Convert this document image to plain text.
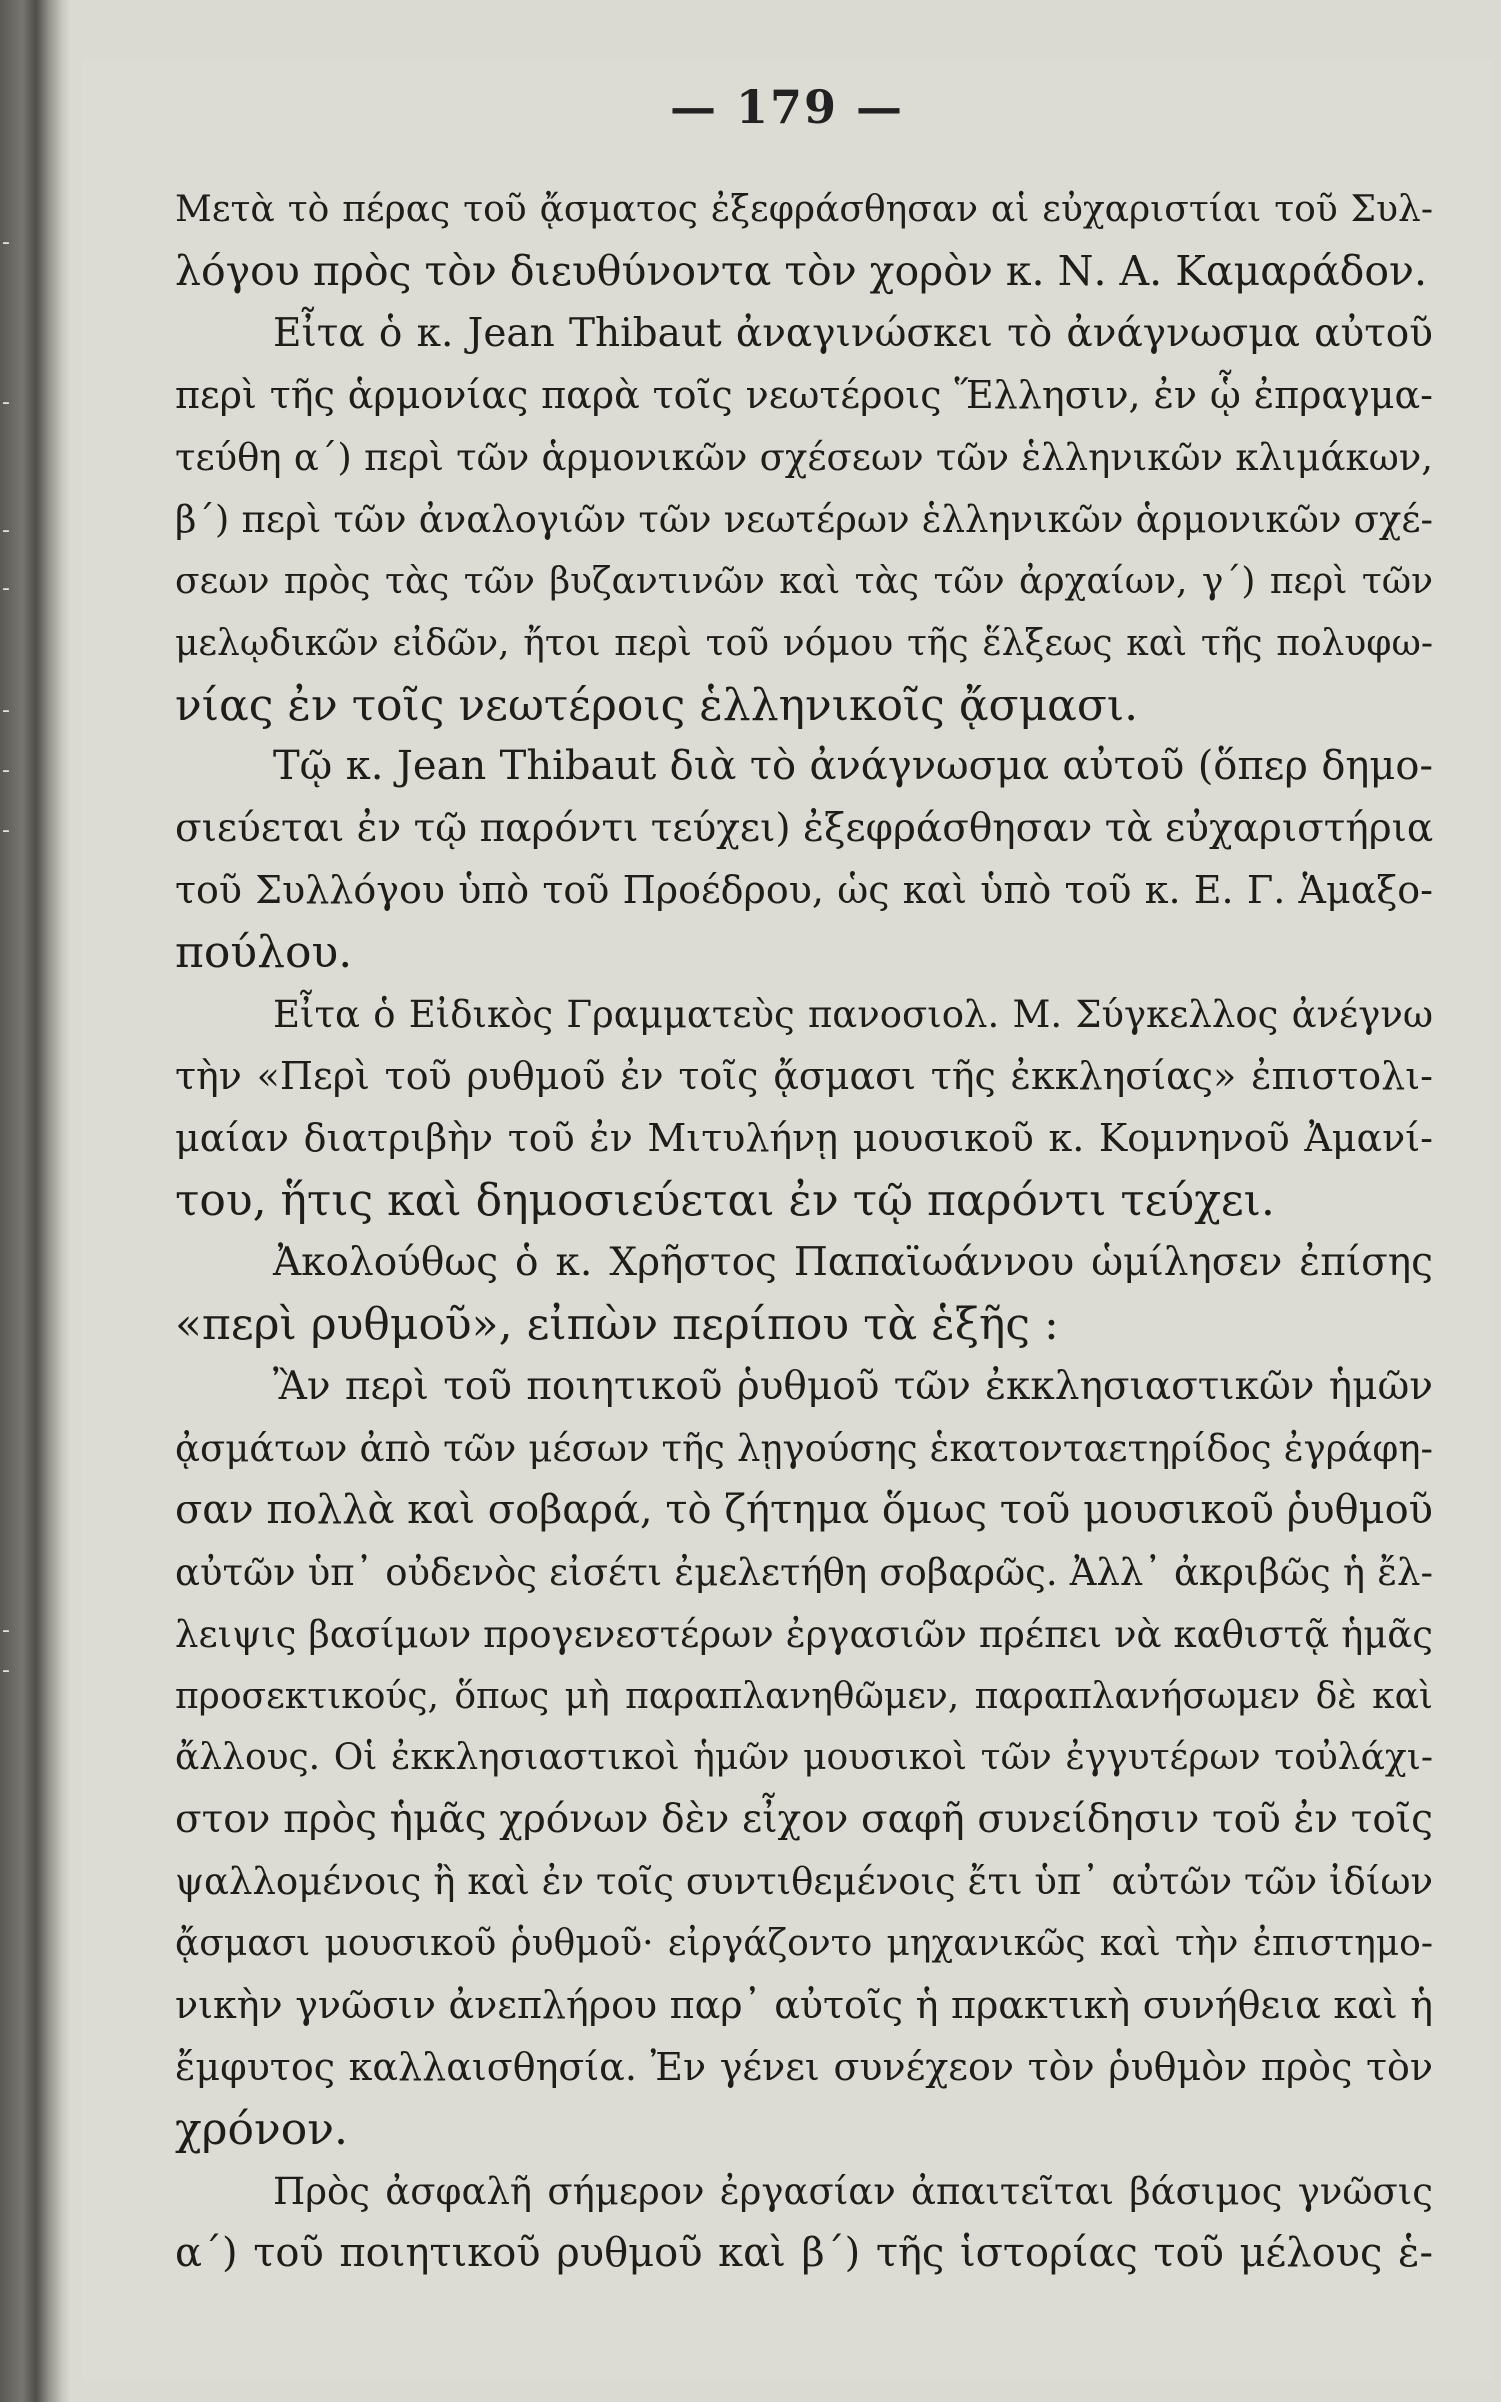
-
-
-
-
-
-
-
-
-
— 179 —
Μετὰ τὸ πέρας τοῦ ᾄσματος ἐξεφράσθησαν αἱ εὐχαριστίαι τοῦ Συλ-
λόγου πρὸς τὸν διευθύνοντα τὸν χορὸν κ. Ν. Α. Καμαράδον.
Εἶτα ὁ κ. Jean Thibaut ἀναγινώσκει τὸ ἀνάγνωσμα αὐτοῦ
περὶ τῆς ἁρμονίας παρὰ τοῖς νεωτέροις Ἕλλησιν, ἐν ᾧ ἐπραγμα-
τεύθη α΄) περὶ τῶν ἁρμονικῶν σχέσεων τῶν ἑλληνικῶν κλιμάκων,
β΄) περὶ τῶν ἀναλογιῶν τῶν νεωτέρων ἑλληνικῶν ἁρμονικῶν σχέ-
σεων πρὸς τὰς τῶν βυζαντινῶν καὶ τὰς τῶν ἀρχαίων, γ΄) περὶ τῶν
μελῳδικῶν εἰδῶν, ἤτοι περὶ τοῦ νόμου τῆς ἕλξεως καὶ τῆς πολυφω-
νίας ἐν τοῖς νεωτέροις ἑλληνικοῖς ᾄσμασι.
Τῷ κ. Jean Thibaut διὰ τὸ ἀνάγνωσμα αὐτοῦ (ὅπερ δημο-
σιεύεται ἐν τῷ παρόντι τεύχει) ἐξεφράσθησαν τὰ εὐχαριστήρια
τοῦ Συλλόγου ὑπὸ τοῦ Προέδρου, ὡς καὶ ὑπὸ τοῦ κ. Ε. Γ. Ἁμαξο-
πούλου.
Εἶτα ὁ Εἰδικὸς Γραμματεὺς πανοσιολ. Μ. Σύγκελλος ἀνέγνω
τὴν «Περὶ τοῦ ρυθμοῦ ἐν τοῖς ᾄσμασι τῆς ἐκκλησίας» ἐπιστολι-
μαίαν διατριβὴν τοῦ ἐν Μιτυλήνῃ μουσικοῦ κ. Κομνηνοῦ Ἀμανί-
του, ἥτις καὶ δημοσιεύεται ἐν τῷ παρόντι τεύχει.
Ἀκολούθως ὁ κ. Χρῆστος Παπαϊωάννου ὡμίλησεν ἐπίσης
«περὶ ρυθμοῦ», εἰπὼν περίπου τὰ ἑξῆς :
Ἂν περὶ τοῦ ποιητικοῦ ῥυθμοῦ τῶν ἐκκλησιαστικῶν ἡμῶν
ᾀσμάτων ἀπὸ τῶν μέσων τῆς λῃγούσης ἑκατονταετηρίδος ἐγράφη-
σαν πολλὰ καὶ σοβαρά, τὸ ζήτημα ὅμως τοῦ μουσικοῦ ῥυθμοῦ
αὐτῶν ὑπ᾽ οὐδενὸς εἰσέτι ἐμελετήθη σοβαρῶς. Ἀλλ᾽ ἀκριβῶς ἡ ἔλ-
λειψις βασίμων προγενεστέρων ἐργασιῶν πρέπει νὰ καθιστᾷ ἡμᾶς
προσεκτικούς, ὅπως μὴ παραπλανηθῶμεν, παραπλανήσωμεν δὲ καὶ
ἄλλους. Οἱ ἐκκλησιαστικοὶ ἡμῶν μουσικοὶ τῶν ἐγγυτέρων τοὐλάχι-
στον πρὸς ἡμᾶς χρόνων δὲν εἶχον σαφῆ συνείδησιν τοῦ ἐν τοῖς
ψαλλομένοις ἢ καὶ ἐν τοῖς συντιθεμένοις ἔτι ὑπ᾽ αὐτῶν τῶν ἰδίων
ᾄσμασι μουσικοῦ ῥυθμοῦ· εἰργάζοντο μηχανικῶς καὶ τὴν ἐπιστημο-
νικὴν γνῶσιν ἀνεπλήρου παρ᾽ αὐτοῖς ἡ πρακτικὴ συνήθεια καὶ ἡ
ἔμφυτος καλλαισθησία. Ἐν γένει συνέχεον τὸν ῥυθμὸν πρὸς τὸν
χρόνον.
Πρὸς ἀσφαλῆ σήμερον ἐργασίαν ἀπαιτεῖται βάσιμος γνῶσις
α΄) τοῦ ποιητικοῦ ρυθμοῦ καὶ β΄) τῆς ἱστορίας τοῦ μέλους ἑ-
